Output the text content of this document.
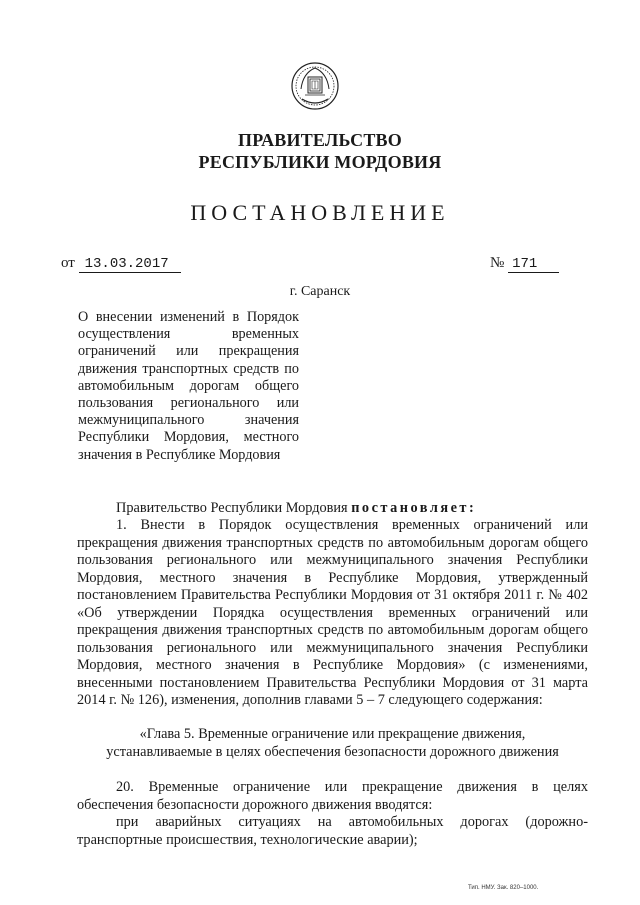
ПРАВИТЕЛЬСТВО
РЕСПУБЛИКИ МОРДОВИЯ
ПОСТАНОВЛЕНИЕ
от 13.03.2017	№ 171
г. Саранск
О внесении изменений в Порядок осуществления временных ограничений или прекращения движения транспортных средств по автомобильным дорогам общего пользования регионального или межмуниципального значения Республики Мордовия, местного значения в Республике Мордовия
Правительство Республики Мордовия постановляет:
1. Внести в Порядок осуществления временных ограничений или прекращения движения транспортных средств по автомобильным дорогам общего пользования регионального или межмуниципального значения Республики Мордовия, местного значения в Республике Мордовия, утвержденный постановлением Правительства Республики Мордовия от 31 октября 2011 г. № 402 «Об утверждении Порядка осуществления временных ограничений или прекращения движения транспортных средств по автомобильным дорогам общего пользования регионального или межмуниципального значения Республики Мордовия, местного значения в Республике Мордовия» (с изменениями, внесенными постановлением Правительства Республики Мордовия от 31 марта 2014 г. № 126), изменения, дополнив главами 5 – 7 следующего содержания:
«Глава 5. Временные ограничение или прекращение движения,
устанавливаемые в целях обеспечения безопасности дорожного движения
20. Временные ограничение или прекращение движения в целях обеспечения безопасности дорожного движения вводятся:
при аварийных ситуациях на автомобильных дорогах (дорожно-транспортные происшествия, технологические аварии);
Тип. НМУ. Зак. 820–1000.
